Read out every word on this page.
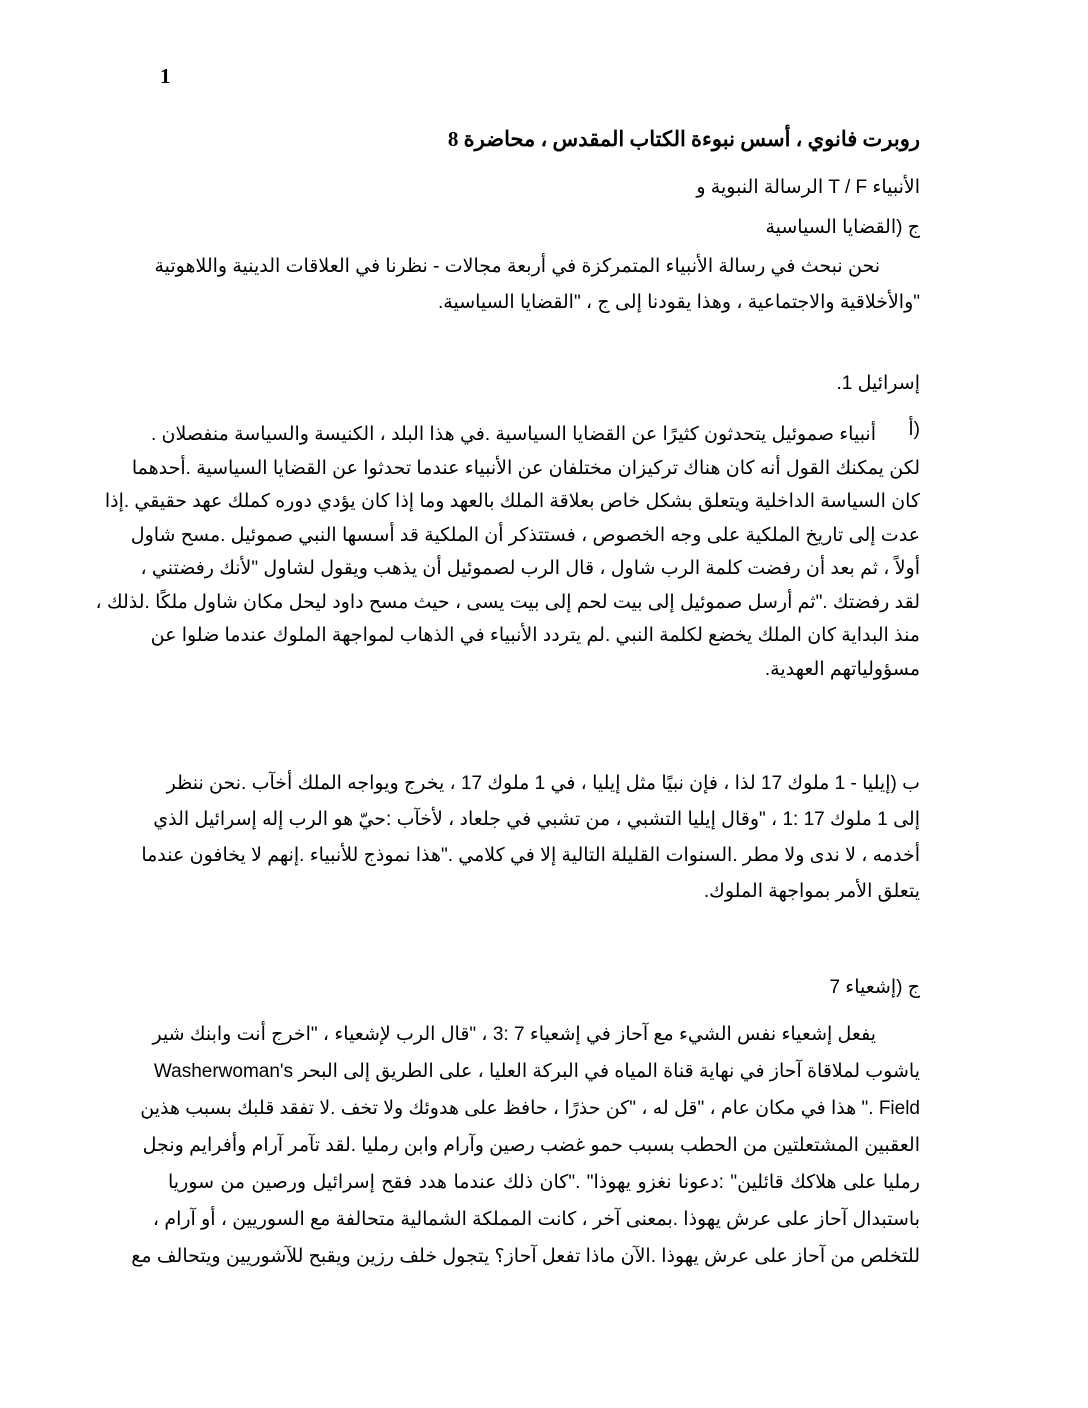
1
روبرت فانوي ، أسس نبوءة الكتاب المقدس ، محاضرة 8
الأنبياء T / F الرسالة النبوية و
ج (القضايا السياسية
نحن نبحث في رسالة الأنبياء المتمركزة في أربعة مجالات - نظرنا في العلاقات الدينية واللاهوتية
"والأخلاقية والاجتماعية ، وهذا يقودنا إلى ج ، "القضايا السياسية.
إسرائيل 1.
(أ
أنبياء صموئيل يتحدثون كثيرًا عن القضايا السياسية .في هذا البلد ، الكنيسة والسياسة منفصلان .
لكن يمكنك القول أنه كان هناك تركيزان مختلفان عن الأنبياء عندما تحدثوا عن القضايا السياسية .أحدهما
كان السياسة الداخلية ويتعلق بشكل خاص بعلاقة الملك بالعهد وما إذا كان يؤدي دوره كملك عهد حقيقي .إذا
عدت إلى تاريخ الملكية على وجه الخصوص ، فستتذكر أن الملكية قد أسسها النبي صموئيل .مسح شاول
أولاً ، ثم بعد أن رفضت كلمة الرب شاول ، قال الرب لصموئيل أن يذهب ويقول لشاول "لأنك رفضتني ،
لقد رفضتك ."ثم أرسل صموئيل إلى بيت لحم إلى بيت يسى ، حيث مسح داود ليحل مكان شاول ملكًا .لذلك ،
منذ البداية كان الملك يخضع لكلمة النبي .لم يتردد الأنبياء في الذهاب لمواجهة الملوك عندما ضلوا عن
مسؤولياتهم العهدية.
ب (إيليا - 1 ملوك 17 لذا ، فإن نبيًا مثل إيليا ، في 1 ملوك 17 ، يخرج ويواجه الملك أخآب .نحن ننظر
إلى 1 ملوك 17 :1 ، "وقال إيليا التشبي ، من تشبي في جلعاد ، لأخآب :حيّ هو الرب إله إسرائيل الذي
أخدمه ، لا ندى ولا مطر .السنوات القليلة التالية إلا في كلامي ."هذا نموذج للأنبياء .إنهم لا يخافون عندما
يتعلق الأمر بمواجهة الملوك.
ج (إشعياء 7
يفعل إشعياء نفس الشيء مع آحاز في إشعياء 7 :3 ، "قال الرب لإشعياء ، "اخرج أنت وابنك شير
ياشوب لملاقاة آحاز في نهاية قناة المياه في البركة العليا ، على الطريق إلى البحر Washerwoman's
Field ." هذا في مكان عام ، "قل له ، "كن حذرًا ، حافظ على هدوئك ولا تخف .لا تفقد قلبك بسبب هذين
العقبين المشتعلتين من الحطب بسبب حمو غضب رصين وآرام وابن رمليا .لقد تآمر آرام وأفرايم ونجل
رمليا على هلاكك قائلين" :دعونا نغزو يهوذا" ."كان ذلك عندما هدد فقح إسرائيل ورصين من سوريا
باستبدال آحاز على عرش يهوذا .بمعنى آخر ، كانت المملكة الشمالية متحالفة مع السوريين ، أو آرام ،
للتخلص من آحاز على عرش يهوذا .الآن ماذا تفعل آحاز؟ يتجول خلف رزين ويقبح للآشوريين ويتحالف مع
